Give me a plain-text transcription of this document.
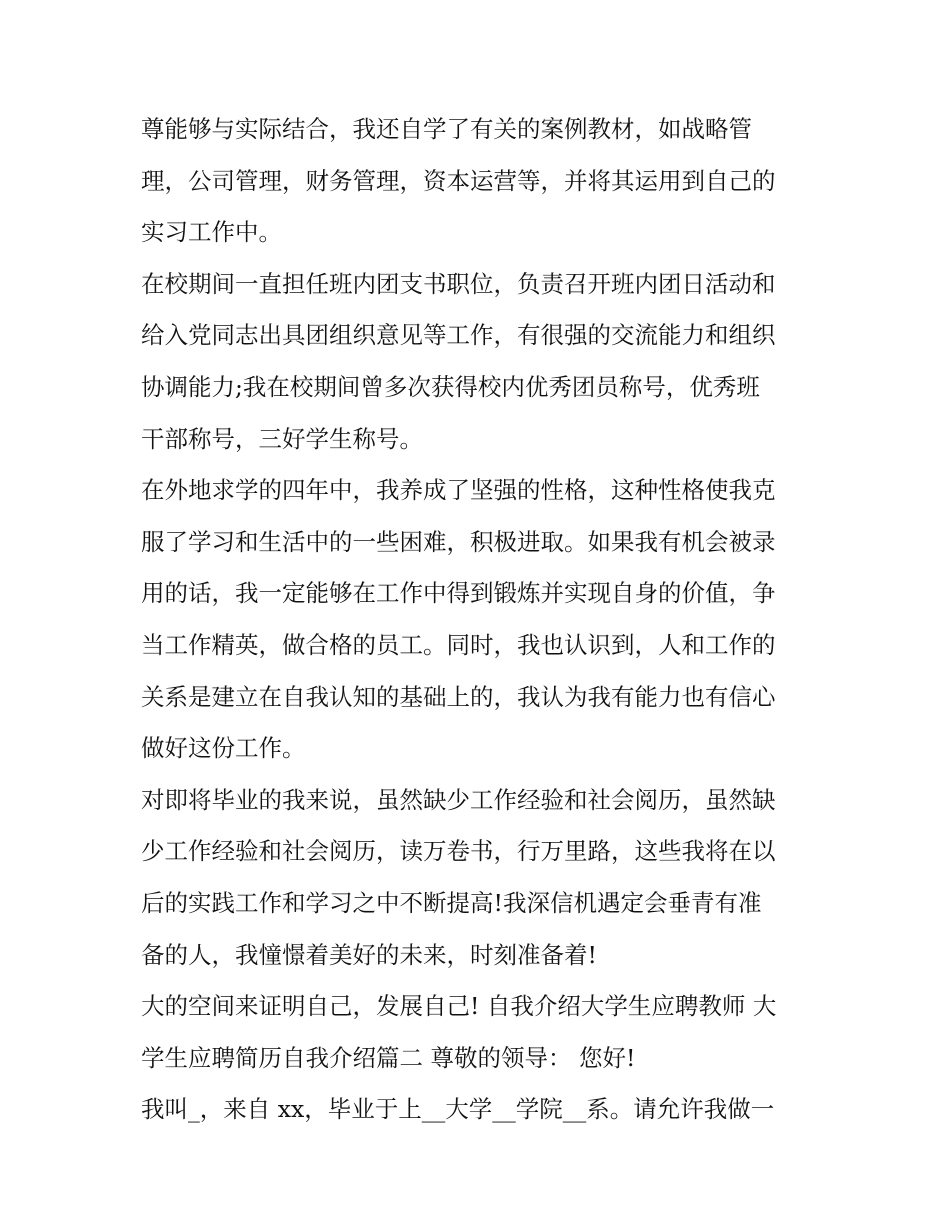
尊能够与实际结合，我还自学了有关的案例教材，如战略管
理，公司管理，财务管理，资本运营等，并将其运用到自己的
实习工作中。
在校期间一直担任班内团支书职位，负责召开班内团日活动和
给入党同志出具团组织意见等工作，有很强的交流能力和组织
协调能力;我在校期间曾多次获得校内优秀团员称号，优秀班
干部称号，三好学生称号。
在外地求学的四年中，我养成了坚强的性格，这种性格使我克
服了学习和生活中的一些困难，积极进取。如果我有机会被录
用的话，我一定能够在工作中得到锻炼并实现自身的价值，争
当工作精英，做合格的员工。同时，我也认识到，人和工作的
关系是建立在自我认知的基础上的，我认为我有能力也有信心
做好这份工作。
对即将毕业的我来说，虽然缺少工作经验和社会阅历，虽然缺
少工作经验和社会阅历，读万卷书，行万里路，这些我将在以
后的实践工作和学习之中不断提高!我深信机遇定会垂青有准
备的人，我憧憬着美好的未来，时刻准备着!
大的空间来证明自己，发展自己! 自我介绍大学生应聘教师 大
学生应聘简历自我介绍篇二 尊敬的领导： 您好!
我叫_，来自 xx，毕业于上__大学__学院__系。请允许我做一
